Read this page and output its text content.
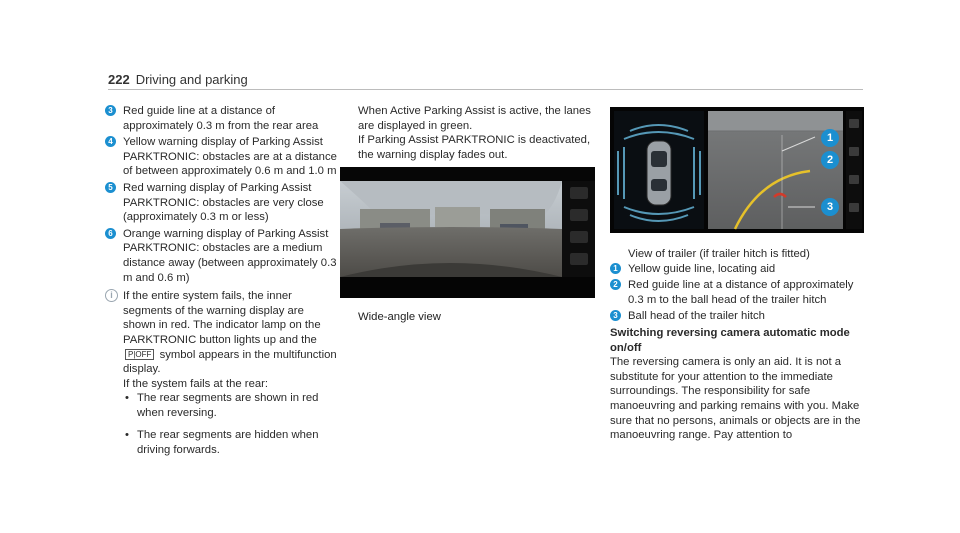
222 Driving and parking
3 Red guide line at a distance of approximately 0.3 m from the rear area
4 Yellow warning display of Parking Assist PARKTRONIC: obstacles are at a distance of between approximately 0.6 m and 1.0 m
5 Red warning display of Parking Assist PARKTRONIC: obstacles are very close (approximately 0.3 m or less)
6 Orange warning display of Parking Assist PARKTRONIC: obstacles are a medium distance away (between approximately 0.3 m and 0.6 m)
i If the entire system fails, the inner segments of the warning display are shown in red. The indicator lamp on the PARKTRONIC button lights up and the P|OFF symbol appears in the multifunction display.
If the system fails at the rear:
• The rear segments are shown in red when reversing.
• The rear segments are hidden when driving forwards.
When Active Parking Assist is active, the lanes are displayed in green.
If Parking Assist PARKTRONIC is deactivated, the warning display fades out.
Wide-angle view
1
2
3
View of trailer (if trailer hitch is fitted)
1 Yellow guide line, locating aid
2 Red guide line at a distance of approximately 0.3 m to the ball head of the trailer hitch
3 Ball head of the trailer hitch
Switching reversing camera automatic mode on/off
The reversing camera is only an aid. It is not a substitute for your attention to the immediate surroundings. The responsibility for safe manoeuvring and parking remains with you. Make sure that no persons, animals or objects are in the manoeuvring range. Pay attention to
